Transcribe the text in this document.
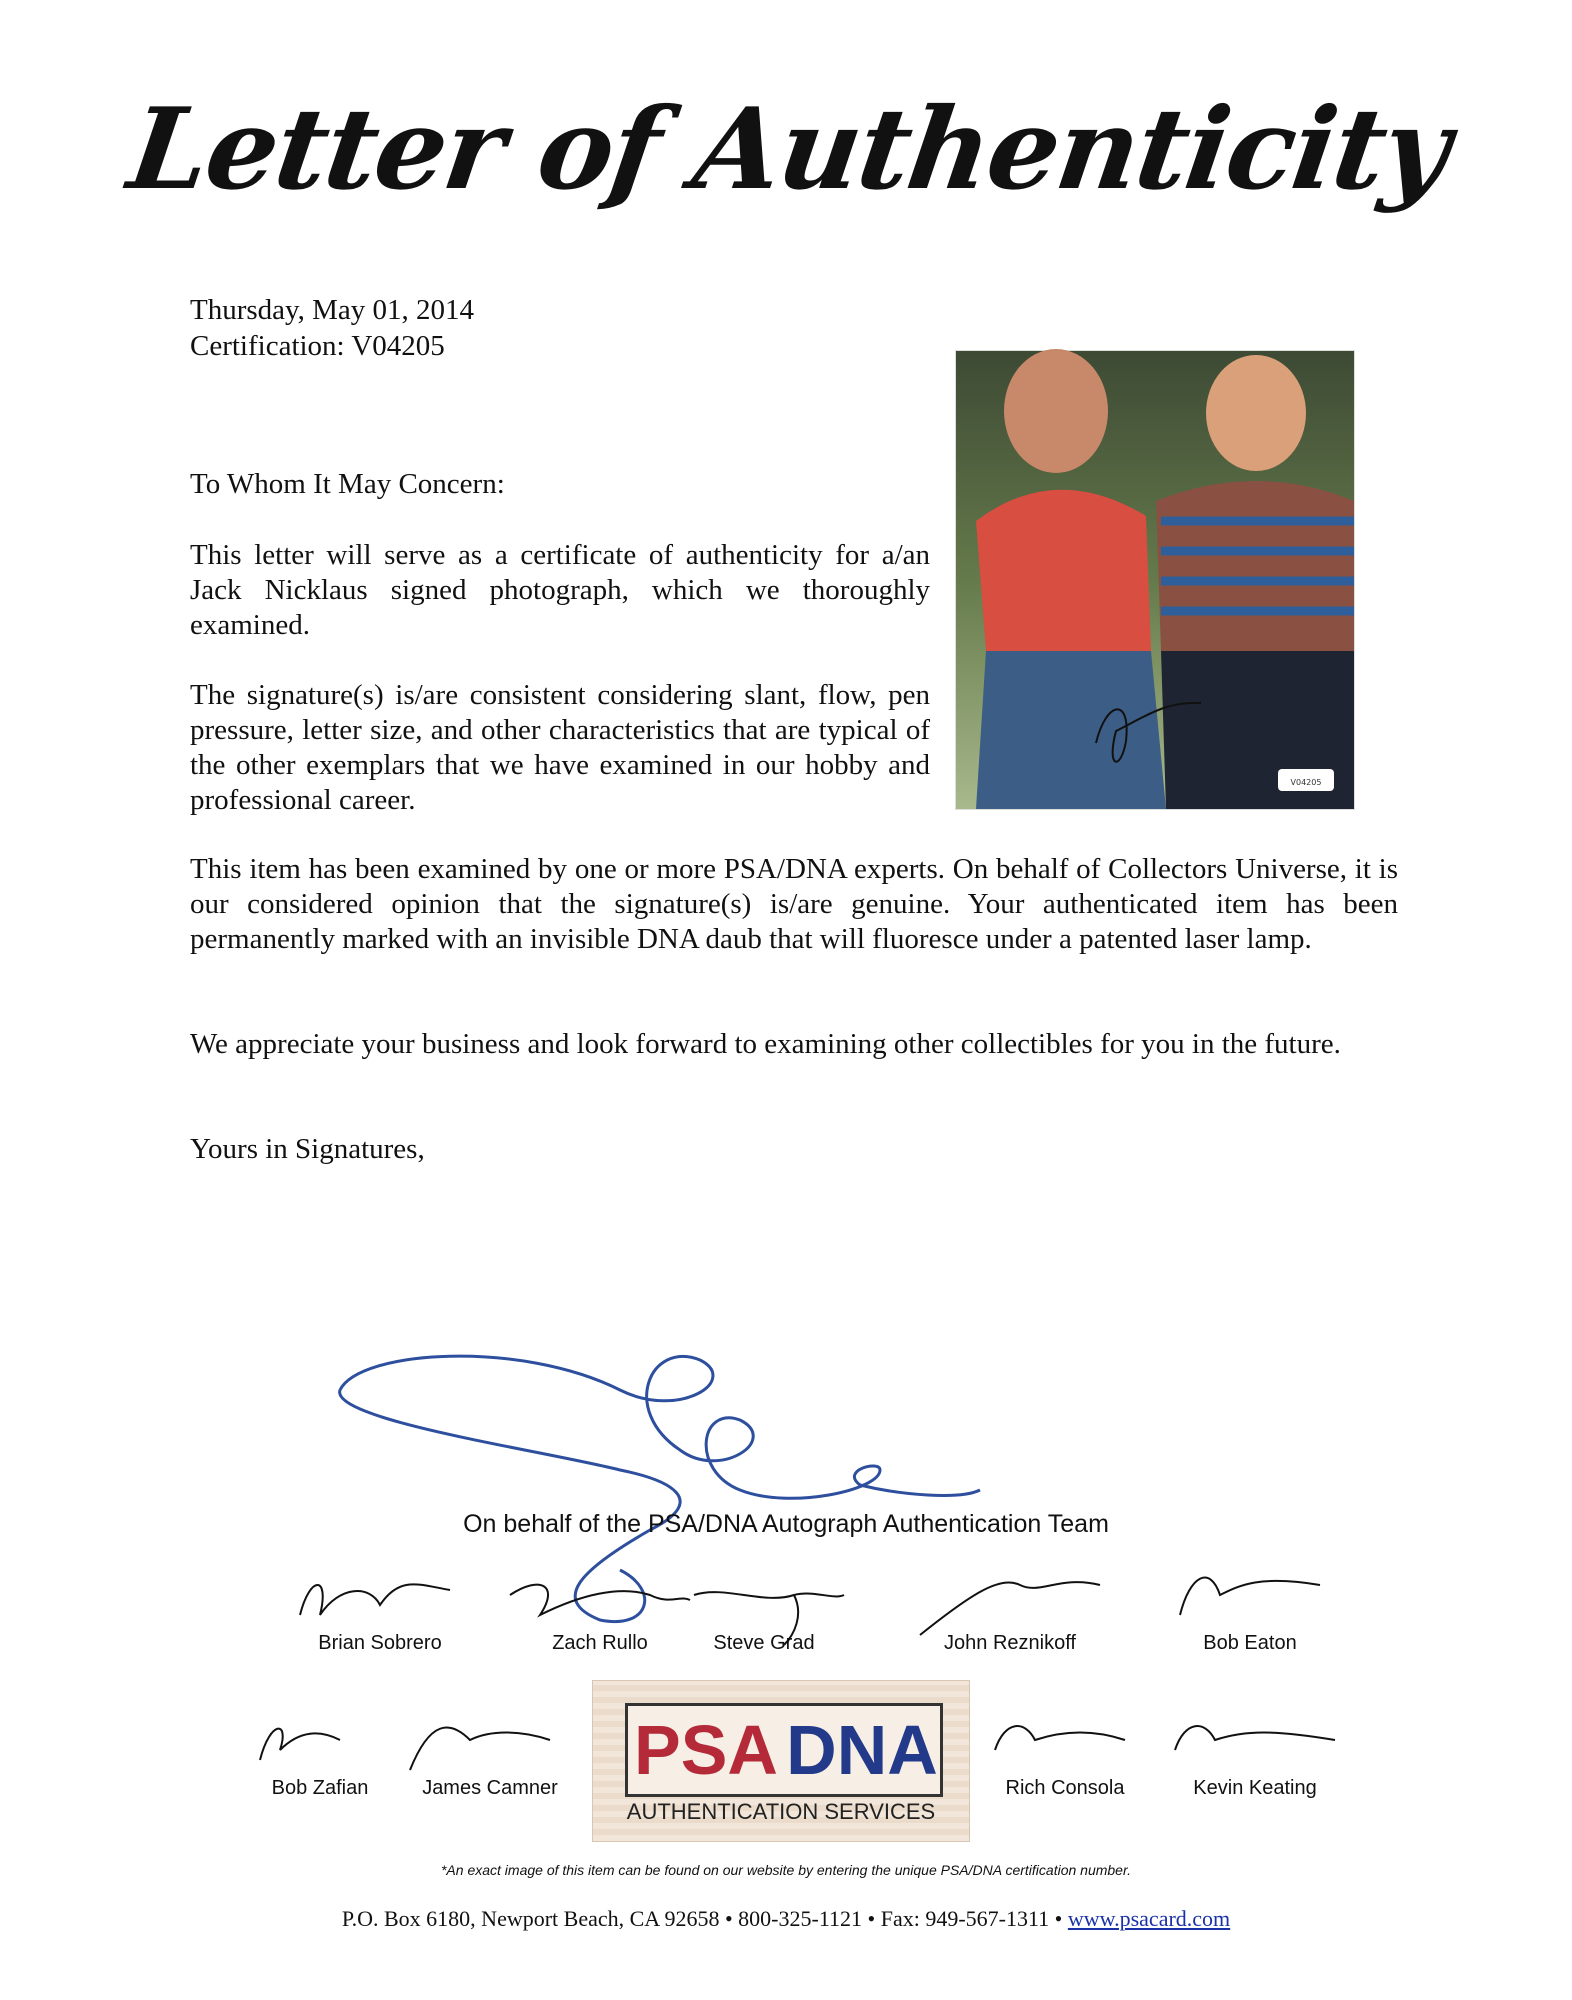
Letter of Authenticity
Thursday, May 01, 2014
Certification: V04205
V04205
To Whom It May Concern:
This letter will serve as a certificate of authenticity for a/an Jack Nicklaus signed photograph, which we thoroughly examined.
The signature(s) is/are consistent considering slant, flow, pen pressure, letter size, and other characteristics that are typical of the other exemplars that we have examined in our hobby and professional career.
This item has been examined by one or more PSA/DNA experts. On behalf of Collectors Universe, it is our considered opinion that the signature(s) is/are genuine. Your authenticated item has been permanently marked with an invisible DNA daub that will fluoresce under a patented laser lamp.
We appreciate your business and look forward to examining other collectibles for you in the future.
Yours in Signatures,
On behalf of the PSA/DNA Autograph Authentication Team
Brian Sobrero	Zach Rullo	Steve Grad	John Reznikoff	Bob Eaton
Bob Zafian	James Camner	Rich Consola	Kevin Keating
PSA DNA
AUTHENTICATION SERVICES
*An exact image of this item can be found on our website by entering the unique PSA/DNA certification number.
P.O. Box 6180, Newport Beach, CA 92658 • 800-325-1121 • Fax: 949-567-1311 • www.psacard.com
